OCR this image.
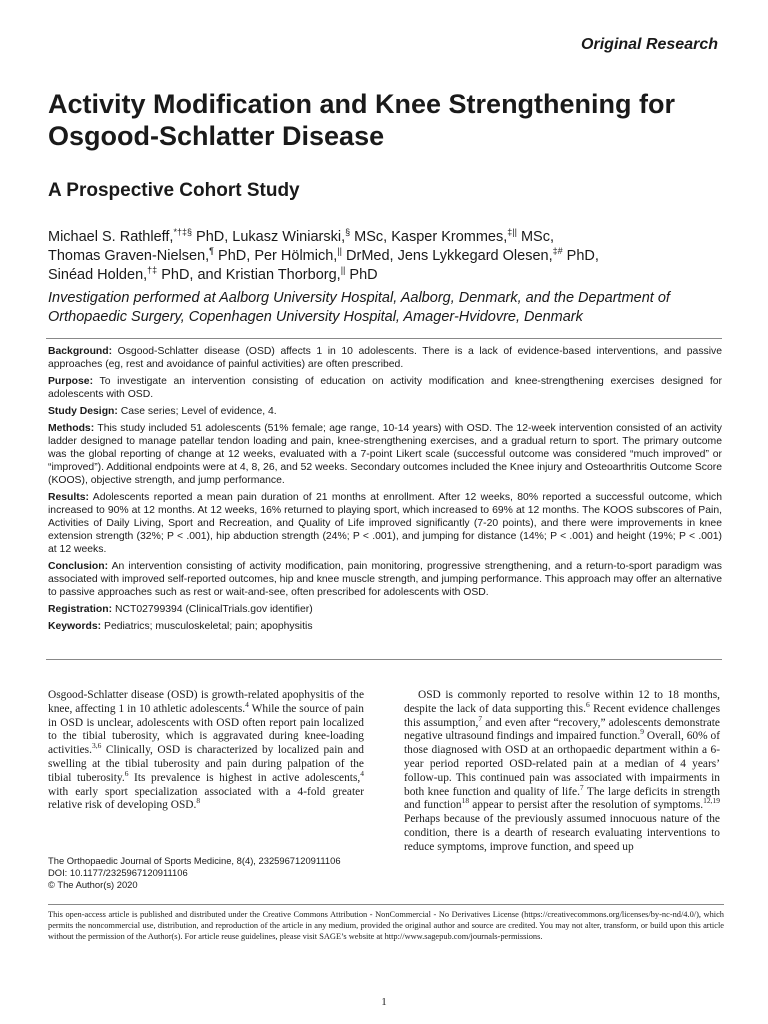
Original Research
Activity Modification and Knee Strengthening for Osgood-Schlatter Disease
A Prospective Cohort Study
Michael S. Rathleff,*†‡§ PhD, Lukasz Winiarski,§ MSc, Kasper Krommes,‡|| MSc,
Thomas Graven-Nielsen,¶ PhD, Per Hölmich,|| DrMed, Jens Lykkegard Olesen,‡# PhD,
Sinéad Holden,†‡ PhD, and Kristian Thorborg,|| PhD
Investigation performed at Aalborg University Hospital, Aalborg, Denmark, and the Department of Orthopaedic Surgery, Copenhagen University Hospital, Amager-Hvidovre, Denmark

Background: Osgood-Schlatter disease (OSD) affects 1 in 10 adolescents. There is a lack of evidence-based interventions, and passive approaches (eg, rest and avoidance of painful activities) are often prescribed.

Purpose: To investigate an intervention consisting of education on activity modification and knee-strengthening exercises designed for adolescents with OSD.

Study Design: Case series; Level of evidence, 4.

Methods: This study included 51 adolescents (51% female; age range, 10-14 years) with OSD. The 12-week intervention consisted of an activity ladder designed to manage patellar tendon loading and pain, knee-strengthening exercises, and a gradual return to sport. The primary outcome was the global reporting of change at 12 weeks, evaluated with a 7-point Likert scale (successful outcome was considered “much improved” or “improved”). Additional endpoints were at 4, 8, 26, and 52 weeks. Secondary outcomes included the Knee injury and Osteoarthritis Outcome Score (KOOS), objective strength, and jump performance.

Results: Adolescents reported a mean pain duration of 21 months at enrollment. After 12 weeks, 80% reported a successful outcome, which increased to 90% at 12 months. At 12 weeks, 16% returned to playing sport, which increased to 69% at 12 months. The KOOS subscores of Pain, Activities of Daily Living, Sport and Recreation, and Quality of Life improved significantly (7-20 points), and there were improvements in knee extension strength (32%; P < .001), hip abduction strength (24%; P < .001), and jumping for distance (14%; P < .001) and height (19%; P < .001) at 12 weeks.

Conclusion: An intervention consisting of activity modification, pain monitoring, progressive strengthening, and a return-to-sport paradigm was associated with improved self-reported outcomes, hip and knee muscle strength, and jumping performance. This approach may offer an alternative to passive approaches such as rest or wait-and-see, often prescribed for adolescents with OSD.

Registration: NCT02799394 (ClinicalTrials.gov identifier)

Keywords: Pediatrics; musculoskeletal; pain; apophysitis

Osgood-Schlatter disease (OSD) is growth-related apophysitis of the knee, affecting 1 in 10 athletic adolescents.$^4$ While the source of pain in OSD is unclear, adolescents with OSD often report pain localized to the tibial tuberosity, which is aggravated during knee-loading activities.$^{3,6}$ Clinically, OSD is characterized by localized pain and swelling at the tibial tuberosity and pain during palpation of the tibial tuberosity.$^6$ Its prevalence is highest in active adolescents,$^4$ with early sport specialization associated with a 4-fold greater relative risk of developing OSD.$^8$

The Orthopaedic Journal of Sports Medicine, 8(4), 2325967120911106
DOI: 10.1177/2325967120911106
© The Author(s) 2020

OSD is commonly reported to resolve within 12 to 18 months, despite the lack of data supporting this.$^6$ Recent evidence challenges this assumption,$^7$ and even after “recovery,” adolescents demonstrate negative ultrasound findings and impaired function.$^9$ Overall, 60% of those diagnosed with OSD at an orthopaedic department within a 6-year period reported OSD-related pain at a median of 4 years’ follow-up. This continued pain was associated with impairments in both knee function and quality of life.$^7$ The large deficits in strength and function$^{18}$ appear to persist after the resolution of symptoms.$^{12,19}$ Perhaps because of the previously assumed innocuous nature of the condition, there is a dearth of research evaluating interventions to reduce symptoms, improve function, and speed up

This open-access article is published and distributed under the Creative Commons Attribution - NonCommercial - No Derivatives License (https://creativecommons.org/licenses/by-nc-nd/4.0/), which permits the noncommercial use, distribution, and reproduction of the article in any medium, provided the original author and source are credited. You may not alter, transform, or build upon this article without the permission of the Author(s). For article reuse guidelines, please visit SAGE’s website at http://www.sagepub.com/journals-permissions.
1
